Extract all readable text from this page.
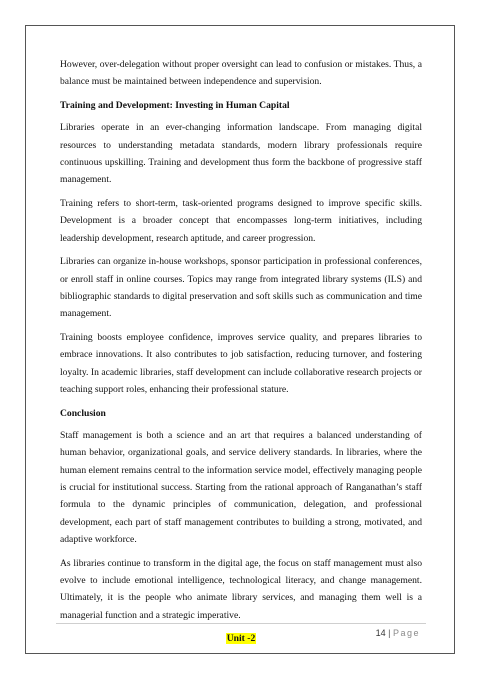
However, over-delegation without proper oversight can lead to confusion or mistakes. Thus, a balance must be maintained between independence and supervision.

Training and Development: Investing in Human Capital

Libraries operate in an ever-changing information landscape. From managing digital resources to understanding metadata standards, modern library professionals require continuous upskilling. Training and development thus form the backbone of progressive staff management.

Training refers to short-term, task-oriented programs designed to improve specific skills. Development is a broader concept that encompasses long-term initiatives, including leadership development, research aptitude, and career progression.

Libraries can organize in-house workshops, sponsor participation in professional conferences, or enroll staff in online courses. Topics may range from integrated library systems (ILS) and bibliographic standards to digital preservation and soft skills such as communication and time management.

Training boosts employee confidence, improves service quality, and prepares libraries to embrace innovations. It also contributes to job satisfaction, reducing turnover, and fostering loyalty. In academic libraries, staff development can include collaborative research projects or teaching support roles, enhancing their professional stature.

Conclusion

Staff management is both a science and an art that requires a balanced understanding of human behavior, organizational goals, and service delivery standards. In libraries, where the human element remains central to the information service model, effectively managing people is crucial for institutional success. Starting from the rational approach of Ranganathan’s staff formula to the dynamic principles of communication, delegation, and professional development, each part of staff management contributes to building a strong, motivated, and adaptive workforce.

As libraries continue to transform in the digital age, the focus on staff management must also evolve to include emotional intelligence, technological literacy, and change management. Ultimately, it is the people who animate library services, and managing them well is a managerial function and a strategic imperative.

Unit -2
14 | Page
